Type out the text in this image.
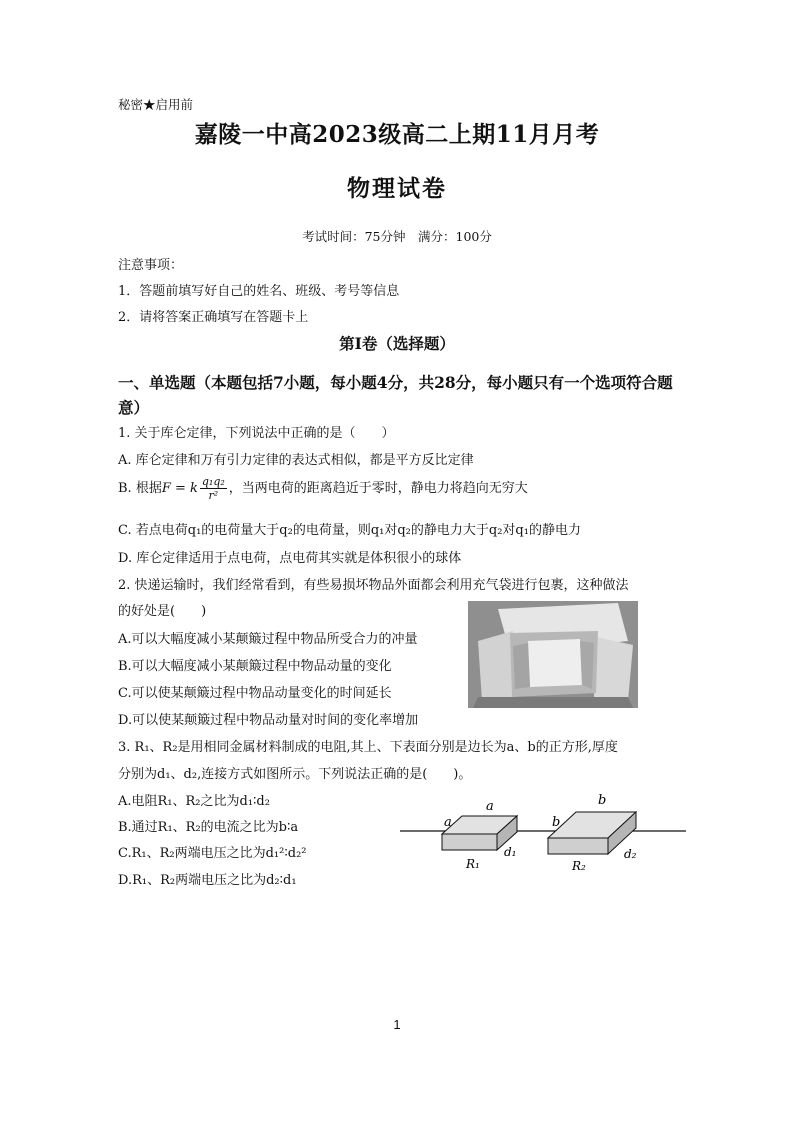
秘密★启用前
嘉陵一中高2023级高二上期11月月考
物理试卷
考试时间：75分钟　满分：100分
注意事项：
1．答题前填写好自己的姓名、班级、考号等信息
2．请将答案正确填写在答题卡上
第Ⅰ卷（选择题）
一、单选题（本题包括7小题，每小题4分，共28分，每小题只有一个选项符合题
意）
1. 关于库仑定律，下列说法中正确的是（　　）
A. 库仑定律和万有引力定律的表达式相似，都是平方反比定律
B. 根据F = k $\frac{\text{q₁q₂}}{\text{r²}}$ ，当两电荷的距离趋近于零时，静电力将趋向无穷大
C. 若点电荷q₁的电荷量大于q₂的电荷量，则q₁对q₂的静电力大于q₂对q₁的静电力
D. 库仑定律适用于点电荷，点电荷其实就是体积很小的球体
2. 快递运输时，我们经常看到，有些易损坏物品外面都会利用充气袋进行包裹，这种做法
的好处是(　　)
A.可以大幅度减小某颠簸过程中物品所受合力的冲量
B.可以大幅度减小某颠簸过程中物品动量的变化
C.可以使某颠簸过程中物品动量变化的时间延长
D.可以使某颠簸过程中物品动量对时间的变化率增加
3. R₁、R₂是用相同金属材料制成的电阻,其上、下表面分别是边长为a、b的正方形,厚度
分别为d₁、d₂,连接方式如图所示。下列说法正确的是(　　)。
A.电阻R₁、R₂之比为d₁∶d₂
B.通过R₁、R₂的电流之比为b∶a
C.R₁、R₂两端电压之比为d₁²∶d₂²
D.R₁、R₂两端电压之比为d₂∶d₁
a
a
b
b
R₁	R₂
d₁	d₂
1
